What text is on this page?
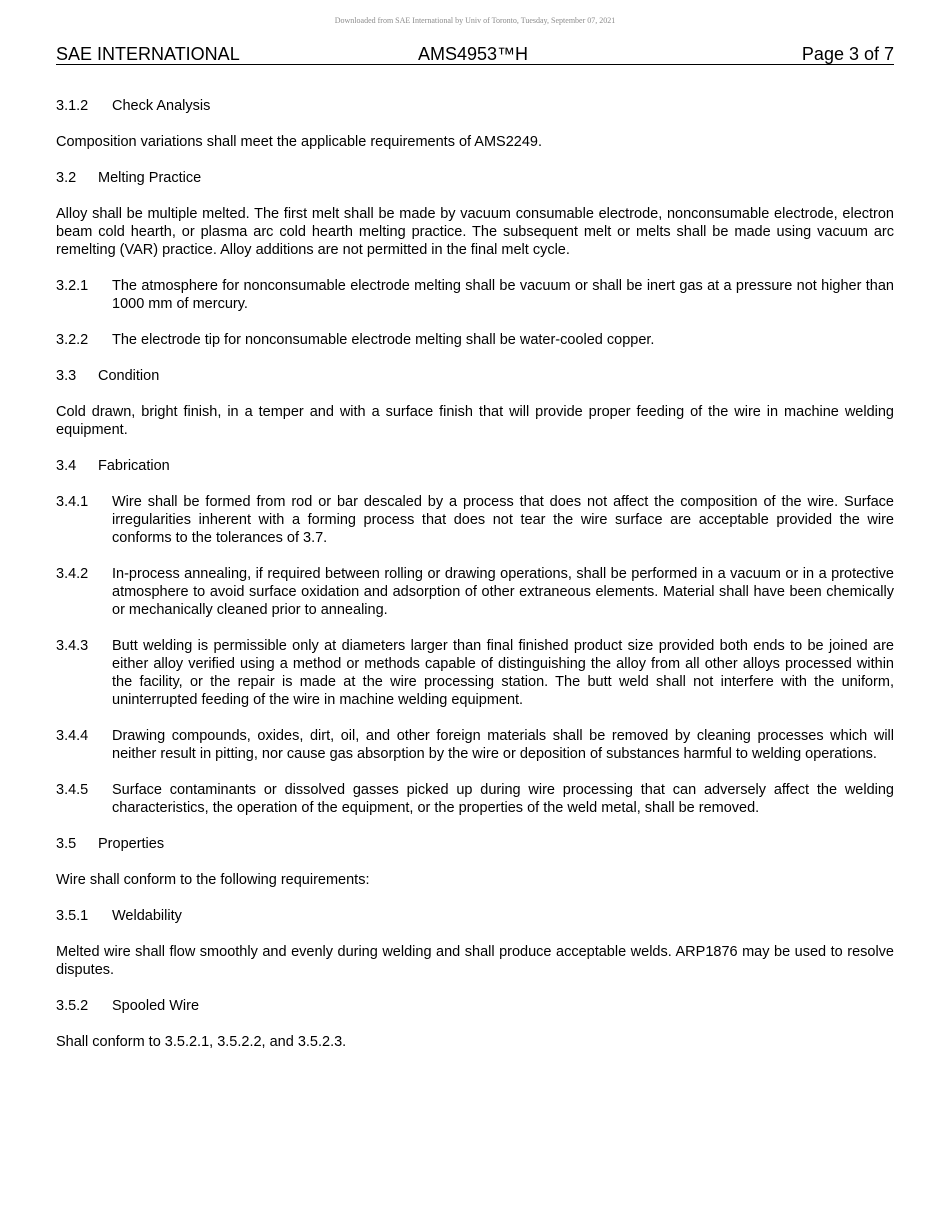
Downloaded from SAE International by Univ of Toronto, Tuesday, September 07, 2021
SAE INTERNATIONAL	AMS4953™H	Page 3 of 7
3.1.2 Check Analysis

Composition variations shall meet the applicable requirements of AMS2249.

3.2 Melting Practice

Alloy shall be multiple melted. The first melt shall be made by vacuum consumable electrode, nonconsumable electrode, electron beam cold hearth, or plasma arc cold hearth melting practice. The subsequent melt or melts shall be made using vacuum arc remelting (VAR) practice. Alloy additions are not permitted in the final melt cycle.

3.2.1	The atmosphere for nonconsumable electrode melting shall be vacuum or shall be inert gas at a pressure not higher than 1000 mm of mercury.
3.2.2	The electrode tip for nonconsumable electrode melting shall be water-cooled copper.
3.3 Condition

Cold drawn, bright finish, in a temper and with a surface finish that will provide proper feeding of the wire in machine welding equipment.

3.4 Fabrication
3.4.1	Wire shall be formed from rod or bar descaled by a process that does not affect the composition of the wire. Surface irregularities inherent with a forming process that does not tear the wire surface are acceptable provided the wire conforms to the tolerances of 3.7.
3.4.2	In-process annealing, if required between rolling or drawing operations, shall be performed in a vacuum or in a protective atmosphere to avoid surface oxidation and adsorption of other extraneous elements. Material shall have been chemically or mechanically cleaned prior to annealing.
3.4.3	Butt welding is permissible only at diameters larger than final finished product size provided both ends to be joined are either alloy verified using a method or methods capable of distinguishing the alloy from all other alloys processed within the facility, or the repair is made at the wire processing station. The butt weld shall not interfere with the uniform, uninterrupted feeding of the wire in machine welding equipment.
3.4.4	Drawing compounds, oxides, dirt, oil, and other foreign materials shall be removed by cleaning processes which will neither result in pitting, nor cause gas absorption by the wire or deposition of substances harmful to welding operations.
3.4.5	Surface contaminants or dissolved gasses picked up during wire processing that can adversely affect the welding characteristics, the operation of the equipment, or the properties of the weld metal, shall be removed.
3.5 Properties

Wire shall conform to the following requirements:

3.5.1 Weldability

Melted wire shall flow smoothly and evenly during welding and shall produce acceptable welds. ARP1876 may be used to resolve disputes.

3.5.2 Spooled Wire

Shall conform to 3.5.2.1, 3.5.2.2, and 3.5.2.3.
